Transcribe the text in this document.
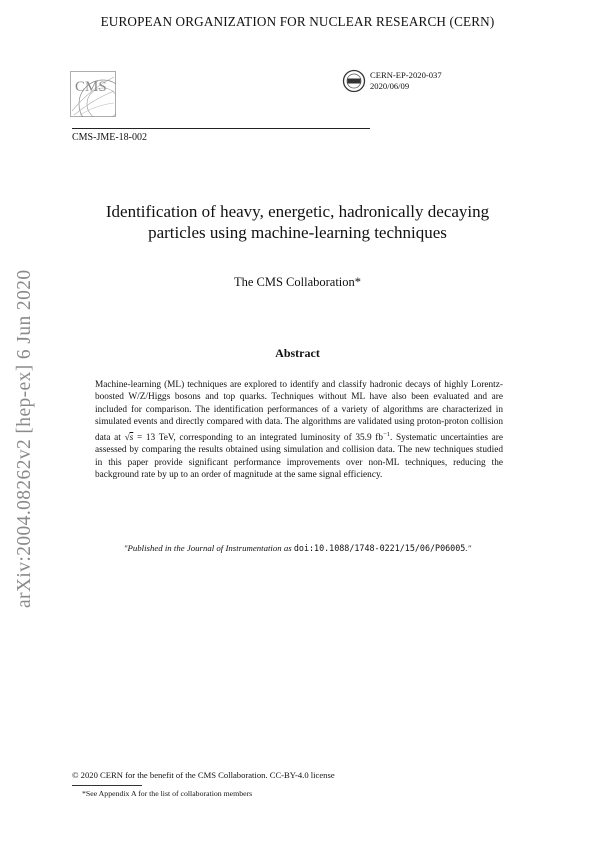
EUROPEAN ORGANIZATION FOR NUCLEAR RESEARCH (CERN)
CMS
CERN-EP-2020-037
2020/06/09
CMS-JME-18-002
Identification of heavy, energetic, hadronically decaying
particles using machine-learning techniques
The CMS Collaboration*
Abstract
Machine-learning (ML) techniques are explored to identify and classify hadronic decays of highly Lorentz-boosted W/Z/Higgs bosons and top quarks. Techniques without ML have also been evaluated and are included for comparison. The identification performances of a variety of algorithms are characterized in simulated events and directly compared with data. The algorithms are validated using proton-proton collision data at √s = 13 TeV, corresponding to an integrated luminosity of 35.9 $fb^{-1}$. Systematic uncertainties are assessed by comparing the results obtained using simulation and collision data. The new techniques studied in this paper provide significant performance improvements over non-ML techniques, reducing the background rate by up to an order of magnitude at the same signal efficiency.
"Published in the Journal of Instrumentation as doi:10.1088/1748-0221/15/06/P06005."
arXiv:2004.08262v2 [hep-ex] 6 Jun 2020
© 2020 CERN for the benefit of the CMS Collaboration. CC-BY-4.0 license
*See Appendix A for the list of collaboration members
